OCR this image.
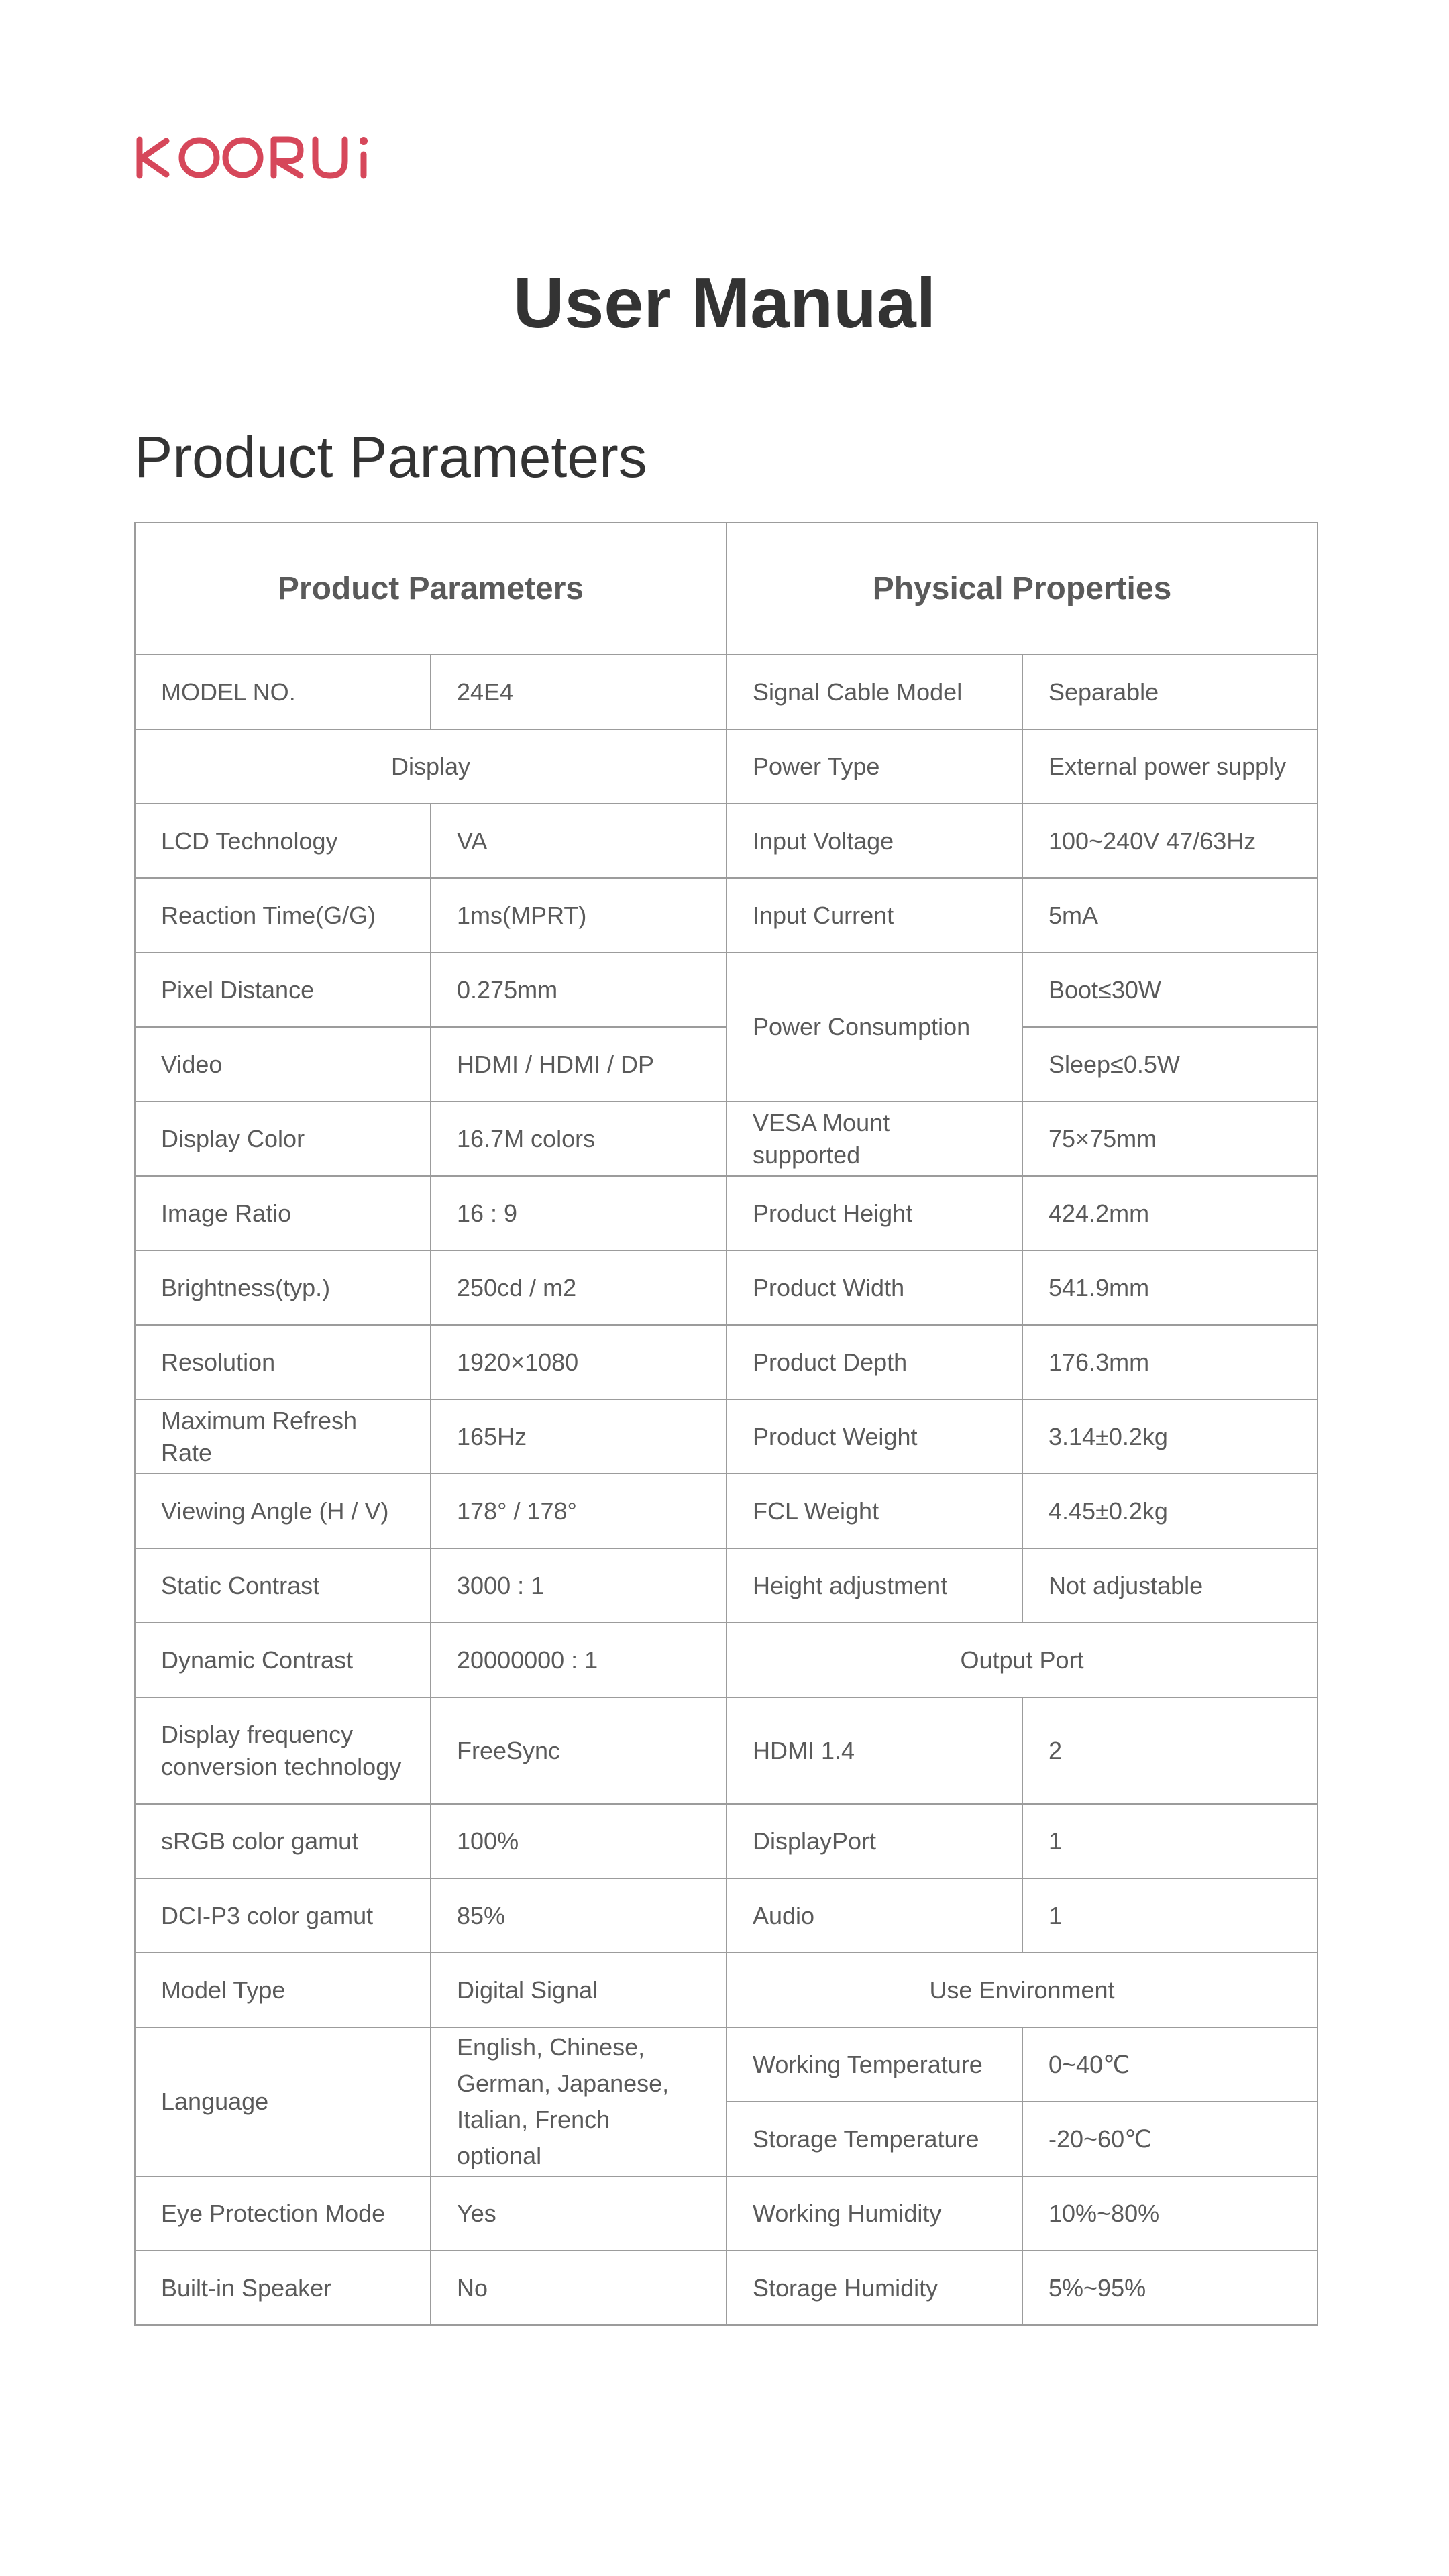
User Manual
Product Parameters
Product Parameters		Physical Properties	
MODEL NO.	24E4	Signal Cable Model	Separable
Display		Power Type	External power supply
LCD Technology	VA	Input Voltage	100~240V 47/63Hz
Reaction Time(G/G)	1ms(MPRT)	Input Current	5mA
Pixel Distance	0.275mm	Power Consumption	Boot≤30W
Video	HDMI / HDMI / DP		Sleep≤0.5W
Display Color	16.7M colors	VESA Mount supported	75×75mm
Image Ratio	16 : 9	Product Height	424.2mm
Brightness(typ.)	250cd / m2	Product Width	541.9mm
Resolution	1920×1080	Product Depth	176.3mm
Maximum Refresh Rate	165Hz	Product Weight	3.14±0.2kg
Viewing Angle (H / V)	178° / 178°	FCL Weight	4.45±0.2kg
Static Contrast	3000 : 1	Height adjustment	Not adjustable
Dynamic Contrast	20000000 : 1	Output Port	
Display frequency conversion technology	FreeSync	HDMI 1.4	2
sRGB color gamut	100%	DisplayPort	1
DCI-P3 color gamut	85%	Audio	1
Model Type	Digital Signal	Use Environment	
Language	English, Chinese, German, Japanese, Italian, French optional	Working Temperature	0~40℃
		Storage Temperature	-20~60℃
Eye Protection Mode	Yes	Working Humidity	10%~80%
Built-in Speaker	No	Storage Humidity	5%~95%
